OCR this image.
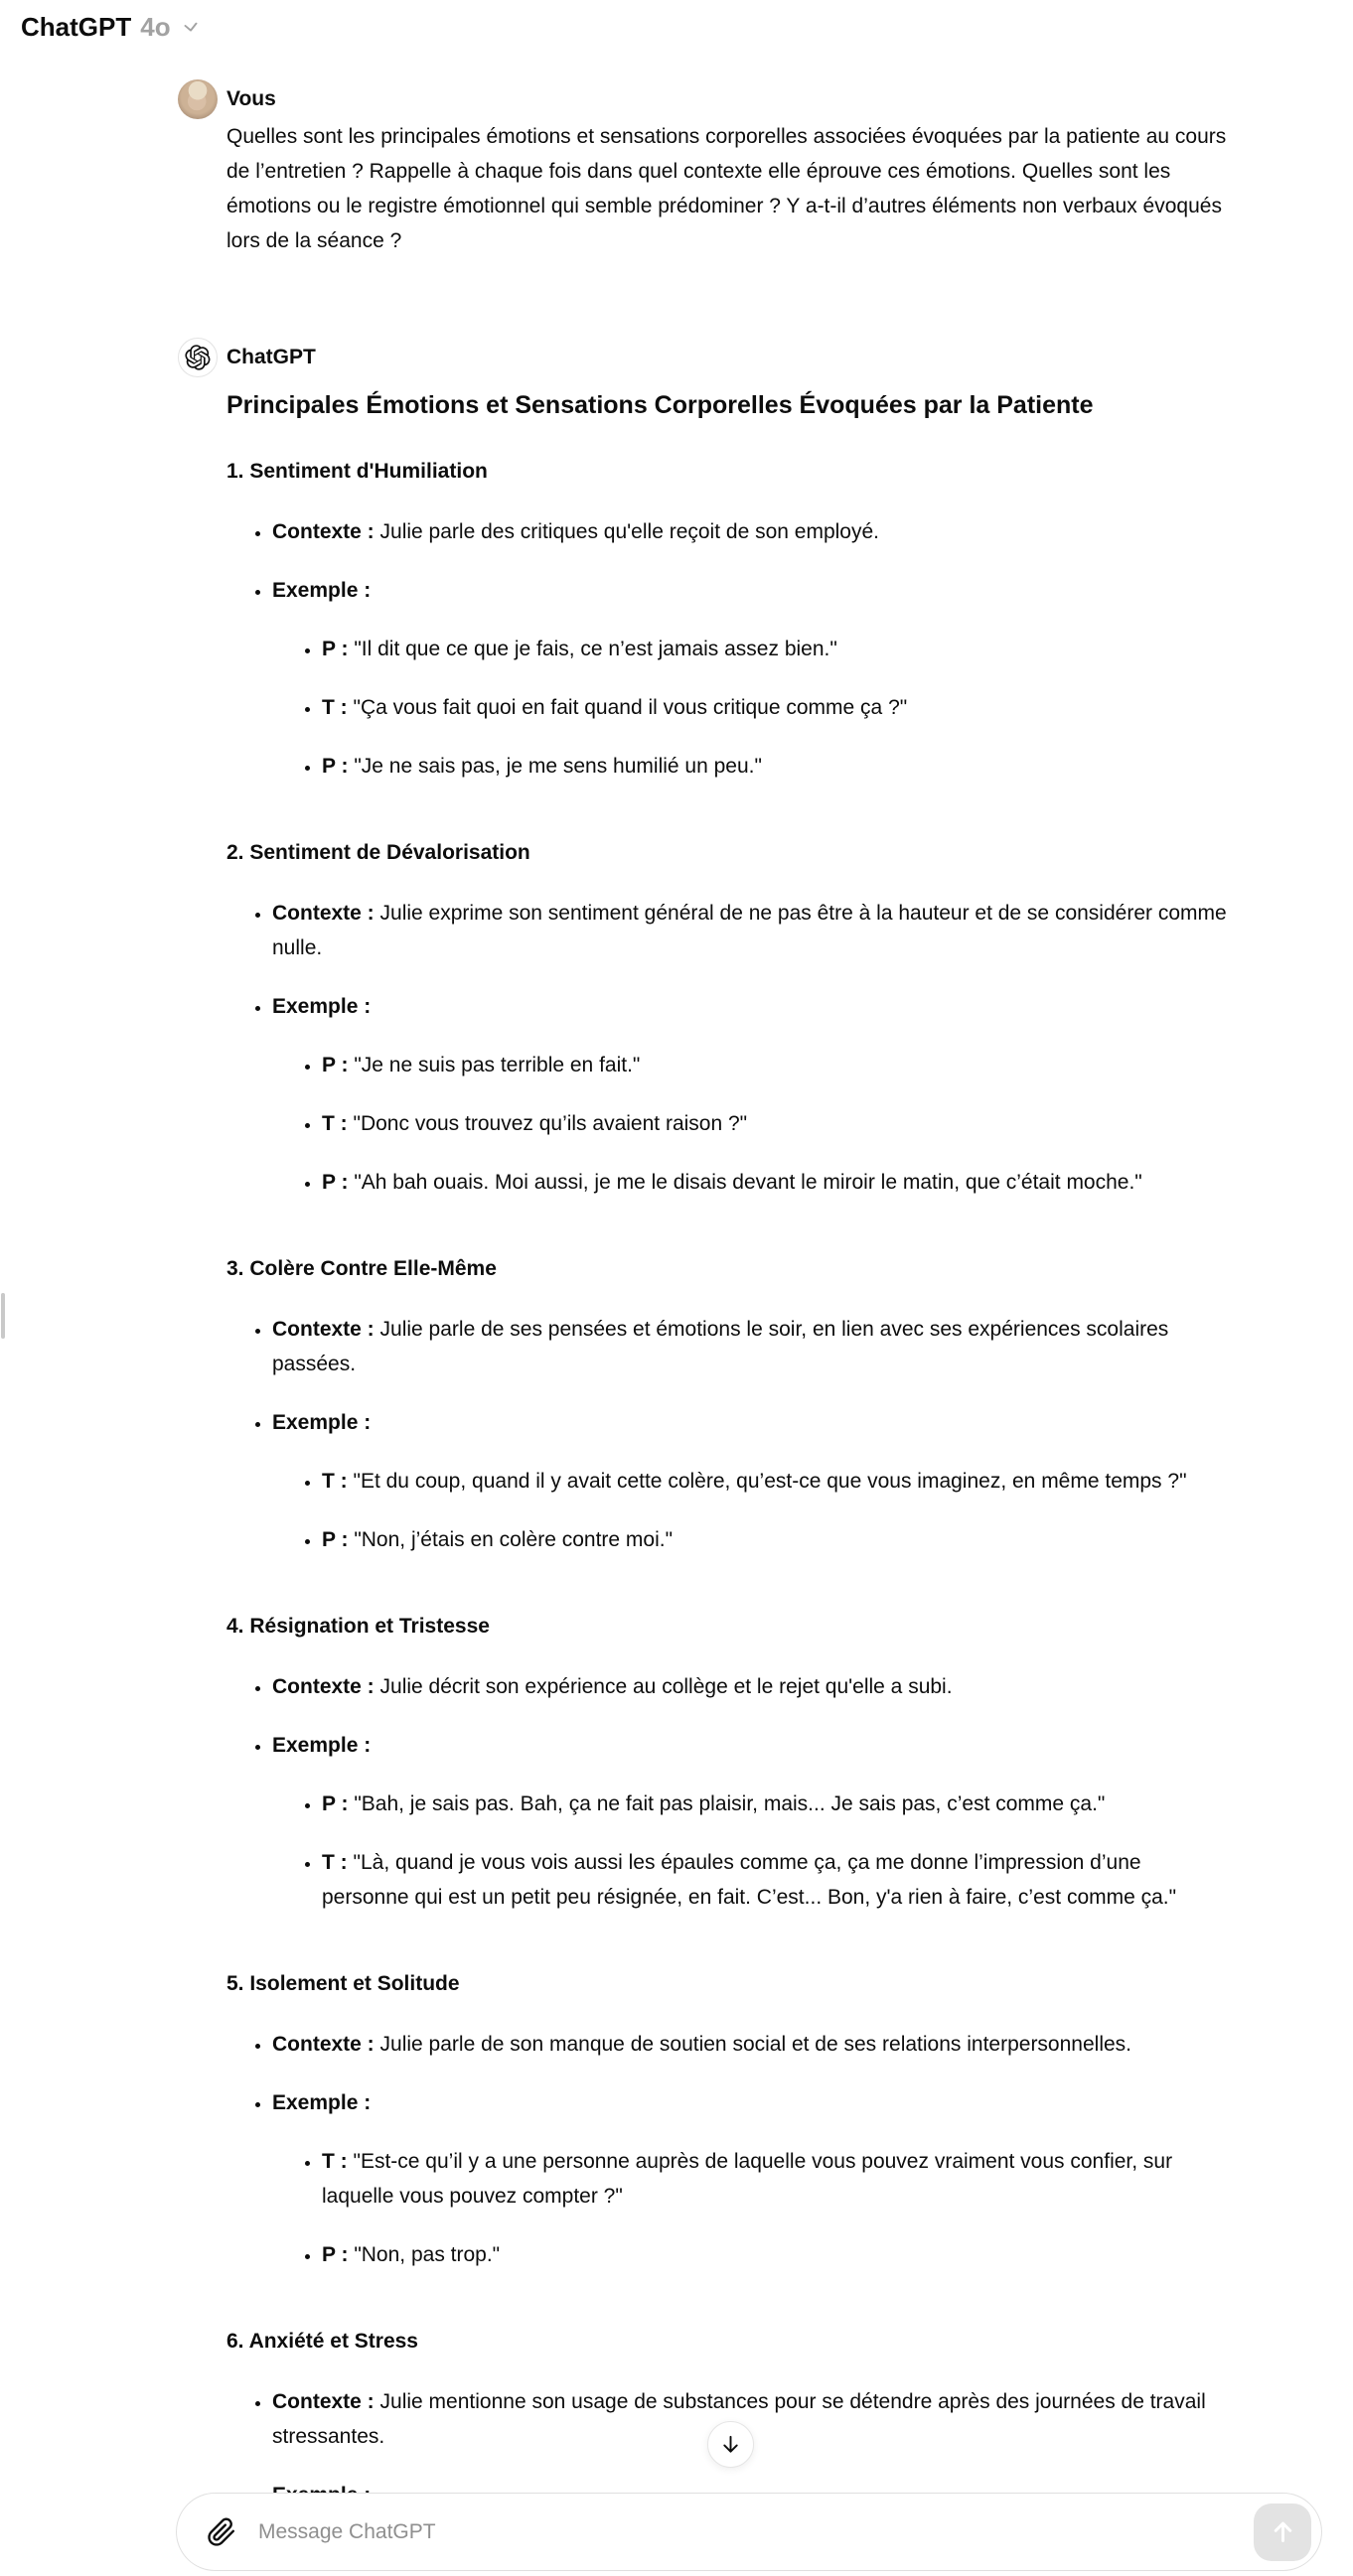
ChatGPT 4o

Vous

Quelles sont les principales émotions et sensations corporelles associées évoquées par la patiente au cours de l’entretien ? Rappelle à chaque fois dans quel contexte elle éprouve ces émotions. Quelles sont les émotions ou le registre émotionnel qui semble prédominer ? Y a-t-il d’autres éléments non verbaux évoqués lors de la séance ?

ChatGPT

Principales Émotions et Sensations Corporelles Évoquées par la Patiente
1. Sentiment d'Humiliation
• Contexte : Julie parle des critiques qu'elle reçoit de son employé.
• Exemple :
• P : "Il dit que ce que je fais, ce n’est jamais assez bien."
• T : "Ça vous fait quoi en fait quand il vous critique comme ça ?"
• P : "Je ne sais pas, je me sens humilié un peu."
2. Sentiment de Dévalorisation
• Contexte : Julie exprime son sentiment général de ne pas être à la hauteur et de se considérer comme nulle.
• Exemple :
• P : "Je ne suis pas terrible en fait."
• T : "Donc vous trouvez qu’ils avaient raison ?"
• P : "Ah bah ouais. Moi aussi, je me le disais devant le miroir le matin, que c’était moche."
3. Colère Contre Elle-Même
• Contexte : Julie parle de ses pensées et émotions le soir, en lien avec ses expériences scolaires passées.
• Exemple :
• T : "Et du coup, quand il y avait cette colère, qu’est-ce que vous imaginez, en même temps ?"
• P : "Non, j’étais en colère contre moi."
4. Résignation et Tristesse
• Contexte : Julie décrit son expérience au collège et le rejet qu'elle a subi.
• Exemple :
• P : "Bah, je sais pas. Bah, ça ne fait pas plaisir, mais... Je sais pas, c’est comme ça."
• T : "Là, quand je vous vois aussi les épaules comme ça, ça me donne l’impression d’une personne qui est un petit peu résignée, en fait. C’est... Bon, y'a rien à faire, c’est comme ça."
5. Isolement et Solitude
• Contexte : Julie parle de son manque de soutien social et de ses relations interpersonnelles.
• Exemple :
• T : "Est-ce qu’il y a une personne auprès de laquelle vous pouvez vraiment vous confier, sur laquelle vous pouvez compter ?"
• P : "Non, pas trop."
6. Anxiété et Stress
• Contexte : Julie mentionne son usage de substances pour se détendre après des journées de travail stressantes.
•
Message ChatGPT
